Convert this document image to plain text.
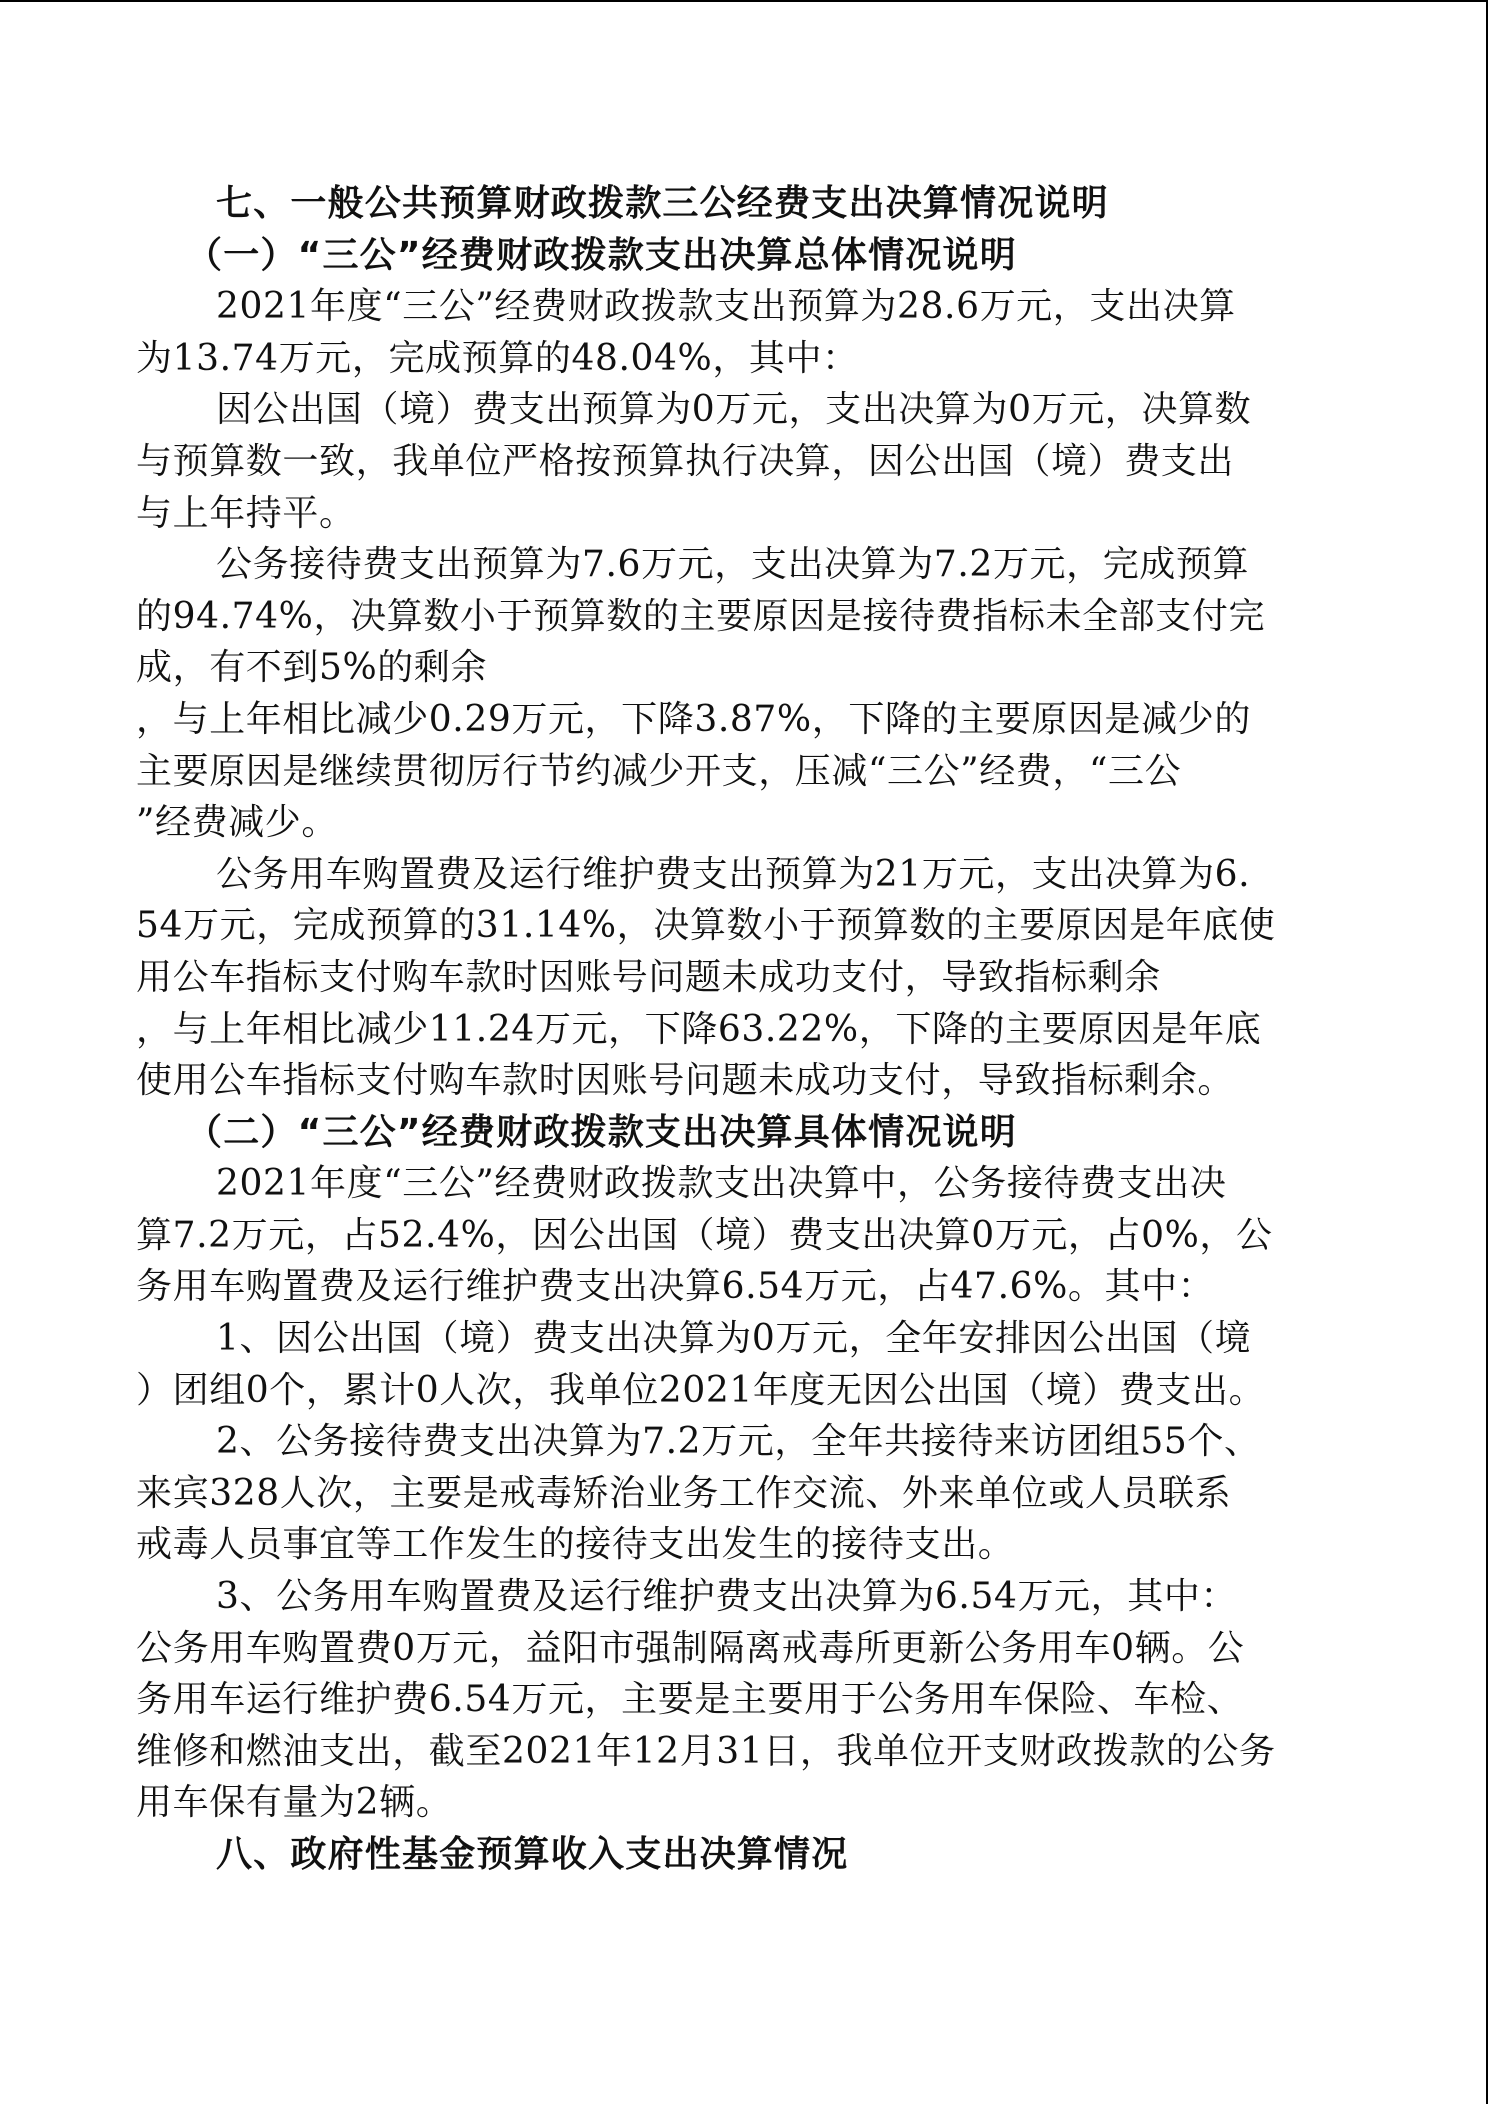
七、一般公共预算财政拨款三公经费支出决算情况说明

（一）“三公”经费财政拨款支出决算总体情况说明

2021年度“三公”经费财政拨款支出预算为28.6万元，支出决算

为13.74万元，完成预算的48.04%，其中：

因公出国（境）费支出预算为0万元，支出决算为0万元，决算数

与预算数一致，我单位严格按预算执行决算，因公出国（境）费支出

与上年持平。

公务接待费支出预算为7.6万元，支出决算为7.2万元，完成预算

的94.74%，决算数小于预算数的主要原因是接待费指标未全部支付完

成，有不到5%的剩余

，与上年相比减少0.29万元，下降3.87%，下降的主要原因是减少的

主要原因是继续贯彻厉行节约减少开支，压减“三公”经费，“三公

”经费减少。

公务用车购置费及运行维护费支出预算为21万元，支出决算为6.

54万元，完成预算的31.14%，决算数小于预算数的主要原因是年底使

用公车指标支付购车款时因账号问题未成功支付，导致指标剩余

，与上年相比减少11.24万元，下降63.22%，下降的主要原因是年底

使用公车指标支付购车款时因账号问题未成功支付，导致指标剩余。

（二）“三公”经费财政拨款支出决算具体情况说明

2021年度“三公”经费财政拨款支出决算中，公务接待费支出决

算7.2万元，占52.4%，因公出国（境）费支出决算0万元，占0%，公

务用车购置费及运行维护费支出决算6.54万元，占47.6%。其中：

1、因公出国（境）费支出决算为0万元，全年安排因公出国（境

）团组0个，累计0人次，我单位2021年度无因公出国（境）费支出。

2、公务接待费支出决算为7.2万元，全年共接待来访团组55个、

来宾328人次，主要是戒毒矫治业务工作交流、外来单位或人员联系

戒毒人员事宜等工作发生的接待支出发生的接待支出。

3、公务用车购置费及运行维护费支出决算为6.54万元，其中：

公务用车购置费0万元，益阳市强制隔离戒毒所更新公务用车0辆。公

务用车运行维护费6.54万元，主要是主要用于公务用车保险、车检、

维修和燃油支出，截至2021年12月31日，我单位开支财政拨款的公务

用车保有量为2辆。

八、政府性基金预算收入支出决算情况
